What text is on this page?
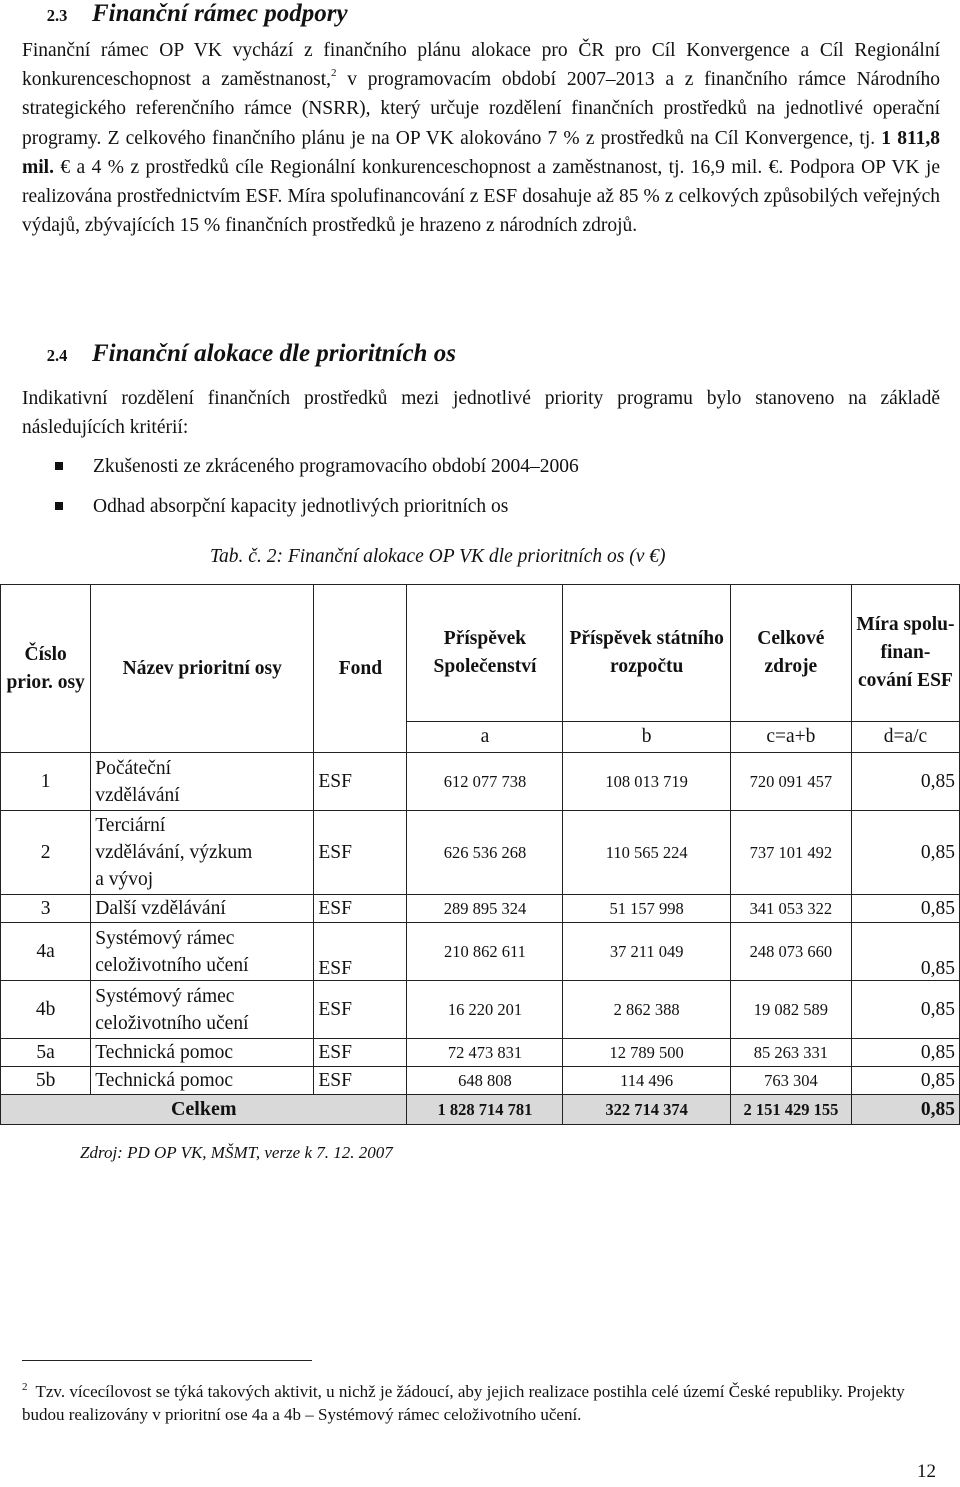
2.3 Finanční rámec podpory

Finanční rámec OP VK vychází z finančního plánu alokace pro ČR pro Cíl Konvergence a Cíl Regionální konkurenceschopnost a zaměstnanost,$^2$ v programovacím období 2007–2013 a z finančního rámce Národního strategického referenčního rámce (NSRR), který určuje rozdělení finančních prostředků na jednotlivé operační programy. Z celkového finančního plánu je na OP VK alokováno 7 % z prostředků na Cíl Konvergence, tj. 1 811,8 mil. € a 4 % z prostředků cíle Regionální konkurenceschopnost a zaměstnanost, tj. 16,9 mil. €. Podpora OP VK je realizována prostřednictvím ESF. Míra spolufinancování z ESF dosahuje až 85 % z celkových způsobilých veřejných výdajů, zbývajících 15 % finančních prostředků je hrazeno z národních zdrojů.

2.4 Finanční alokace dle prioritních os

Indikativní rozdělení finančních prostředků mezi jednotlivé priority programu bylo stanoveno na základě následujících kritérií:

Zkušenosti ze zkráceného programovacího období 2004–2006
Odhad absorpční kapacity jednotlivých prioritních os
Tab. č. 2: Finanční alokace OP VK dle prioritních os (v €)
Číslo prior. osy	Název prioritní osy	Fond	Příspěvek Společenství	Příspěvek státního rozpočtu	Celkové zdroje	Míra spolu-finan-cování ESF
			a	b	c=a+b	d=a/c
1	Počáteční vzdělávání	ESF	612 077 738	108 013 719	720 091 457	0,85
2	Terciární vzdělávání, výzkum a vývoj	ESF	626 536 268	110 565 224	737 101 492	0,85
3	Další vzdělávání	ESF	289 895 324	51 157 998	341 053 322	0,85
4a	Systémový rámec celoživotního učení	ESF	210 862 611	37 211 049	248 073 660	0,85
4b	Systémový rámec celoživotního učení	ESF	16 220 201	2 862 388	19 082 589	0,85
5a	Technická pomoc	ESF	72 473 831	12 789 500	85 263 331	0,85
5b	Technická pomoc	ESF	648 808	114 496	763 304	0,85
Celkem			1 828 714 781	322 714 374	2 151 429 155	0,85
Zdroj: PD OP VK, MŠMT, verze k 7. 12. 2007
$^2$ Tzv. vícecílovost se týká takových aktivit, u nichž je žádoucí, aby jejich realizace postihla celé území České republiky. Projekty budou realizovány v prioritní ose 4a a 4b – Systémový rámec celoživotního učení.
12
